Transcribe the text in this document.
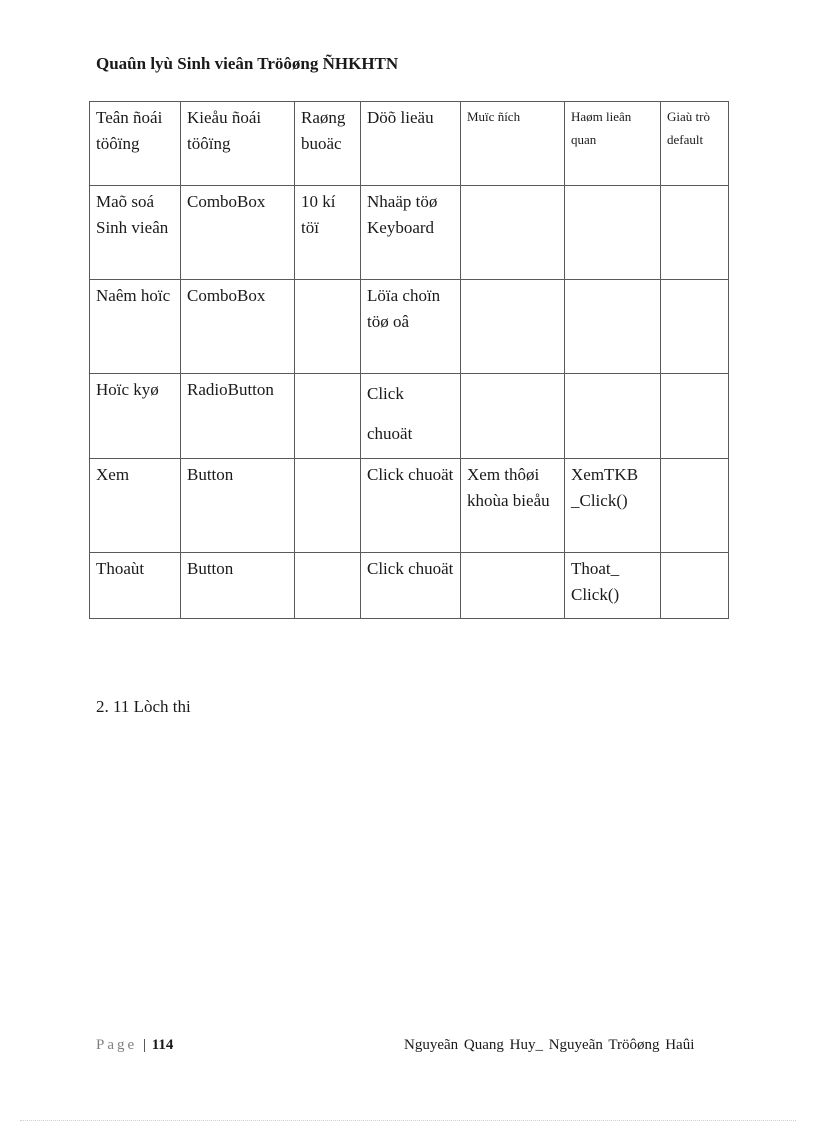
Quaûn lyù Sinh vieân Tröôøng ÑHKHTN
Teân ñoái töôïng	Kieåu ñoái töôïng	Raøng buoäc	Döõ lieäu	Muïc ñích	Haøm lieân quan	Giaù trò default
Maõ soá Sinh vieân	ComboBox	10 kí töï	Nhaäp töø Keyboard			
Naêm hoïc	ComboBox		Löïa choïn töø oâ			
Hoïc kyø	RadioButton		Click
chuoät			
Xem	Button		Click chuoät	Xem thôøi khoùa bieåu	XemTKB _Click()	
Thoaùt	Button		Click chuoät		Thoat_ Click()	
2. 11 Lòch thi
Page | 114	Nguyeãn Quang Huy_ Nguyeãn Tröôøng Haûi
